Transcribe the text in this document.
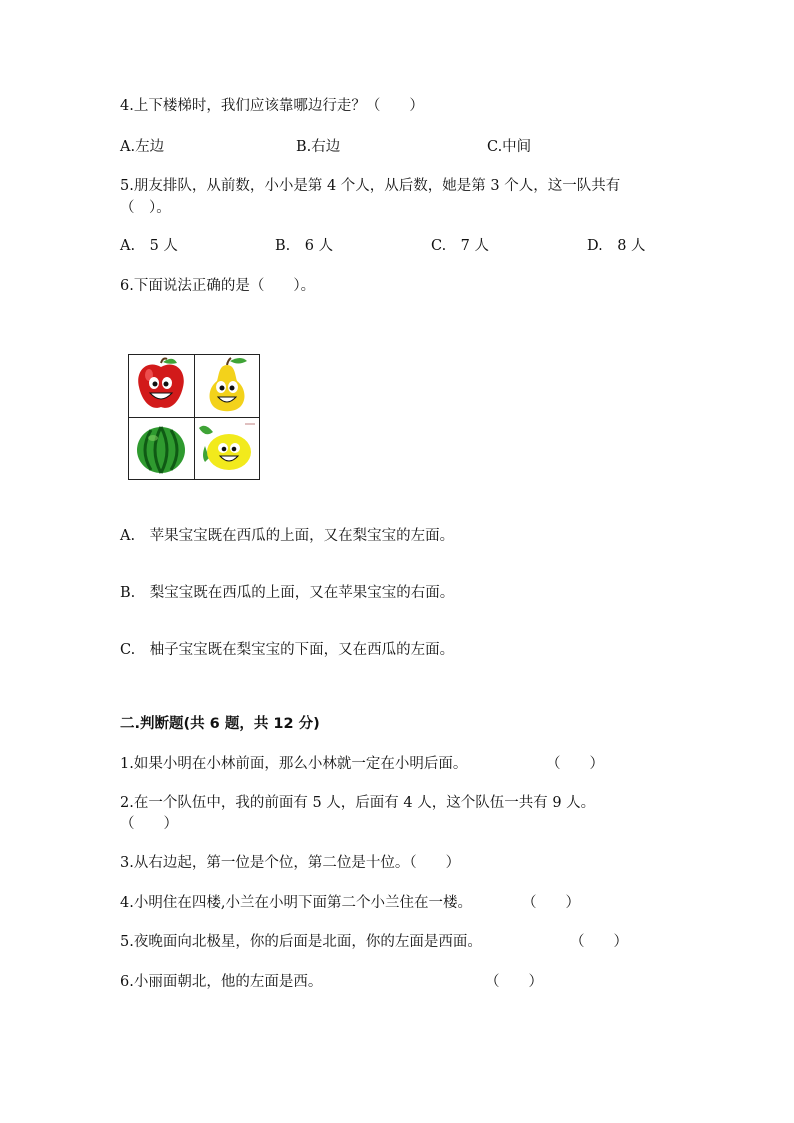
4.上下楼梯时，我们应该靠哪边行走？（　　）
A.左边	B.右边	C.中间
5.朋友排队，从前数，小小是第 4 个人，从后数，她是第 3 个人，这一队共有
（　）。
A.　5 人	B.　6 人	C.　7 人	D.　8 人
6.下面说法正确的是（　　）。
A.　苹果宝宝既在西瓜的上面，又在梨宝宝的左面。
B.　梨宝宝既在西瓜的上面，又在苹果宝宝的右面。
C.　柚子宝宝既在梨宝宝的下面，又在西瓜的左面。
二.判断题(共 6 题，共 12 分)
1.如果小明在小林前面，那么小林就一定在小明后面。	（　　）
2.在一个队伍中，我的前面有 5 人，后面有 4 人，这个队伍一共有 9 人。
（　　）
3.从右边起，第一位是个位，第二位是十位。（　　）
4.小明住在四楼,小兰在小明下面第二个小兰住在一楼。	（　　）
5.夜晚面向北极星，你的后面是北面，你的左面是西面。	（　　）
6.小丽面朝北，他的左面是西。	（　　）
